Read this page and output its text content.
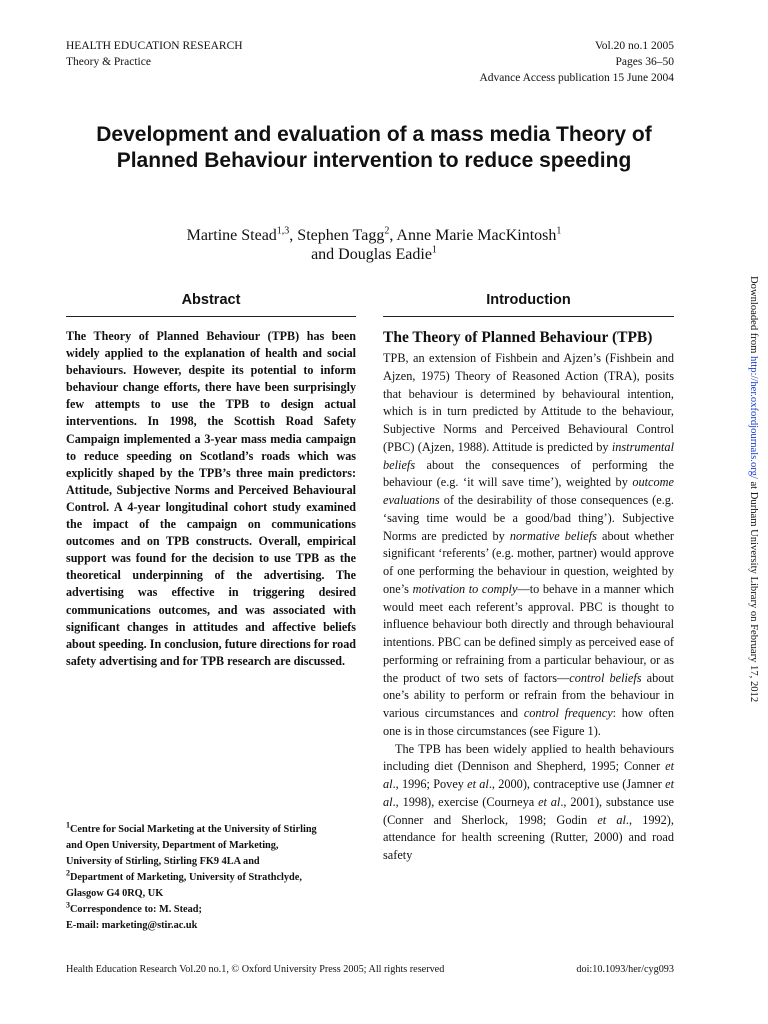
HEALTH EDUCATION RESEARCH
Theory & Practice
Vol.20 no.1 2005
Pages 36–50
Advance Access publication 15 June 2004
Development and evaluation of a mass media Theory of
Planned Behaviour intervention to reduce speeding
Martine Stead$^{1,3}$, Stephen Tagg$^2$, Anne Marie MacKintosh$^1$
and Douglas Eadie$^1$
Abstract	Introduction
The Theory of Planned Behaviour (TPB) has been widely applied to the explanation of health and social behaviours. However, despite its potential to inform behaviour change efforts, there have been surprisingly few attempts to use the TPB to design actual interventions. In 1998, the Scottish Road Safety Campaign implemented a 3-year mass media campaign to reduce speeding on Scotland’s roads which was explicitly shaped by the TPB’s three main predictors: Attitude, Subjective Norms and Perceived Behavioural Control. A 4-year longitudinal cohort study examined the impact of the campaign on communications outcomes and on TPB constructs. Overall, empirical support was found for the decision to use TPB as the theoretical underpinning of the advertising. The advertising was effective in triggering desired communications outcomes, and was associated with significant changes in attitudes and affective beliefs about speeding. In conclusion, future directions for road safety advertising and for TPB research are discussed.

$^1$Centre for Social Marketing at the University of Stirling

and Open University, Department of Marketing,

University of Stirling, Stirling FK9 4LA and

$^2$Department of Marketing, University of Strathclyde,

Glasgow G4 0RQ, UK

$^3$Correspondence to: M. Stead;

E-mail: marketing@stir.ac.uk

The Theory of Planned Behaviour (TPB)

TPB, an extension of Fishbein and Ajzen’s (Fishbein and Ajzen, 1975) Theory of Reasoned Action (TRA), posits that behaviour is determined by behavioural intention, which is in turn predicted by Attitude to the behaviour, Subjective Norms and Perceived Behavioural Control (PBC) (Ajzen, 1988). Attitude is predicted by instrumental beliefs about the consequences of performing the behaviour (e.g. ‘it will save time’), weighted by outcome evaluations of the desirability of those consequences (e.g. ‘saving time would be a good/bad thing’). Subjective Norms are predicted by normative beliefs about whether significant ‘referents’ (e.g. mother, partner) would approve of one performing the behaviour in question, weighted by one’s motivation to comply—to behave in a manner which would meet each referent’s approval. PBC is thought to influence behaviour both directly and through behavioural intentions. PBC can be defined simply as perceived ease of performing or refraining from a particular behaviour, or as the product of two sets of factors—control beliefs about one’s ability to perform or refrain from the behaviour in various circumstances and control frequency: how often one is in those circumstances (see Figure 1).

The TPB has been widely applied to health behaviours including diet (Dennison and Shepherd, 1995; Conner et al., 1996; Povey et al., 2000), contraceptive use (Jamner et al., 1998), exercise (Courneya et al., 2001), substance use (Conner and Sherlock, 1998; Godin et al., 1992), attendance for health screening (Rutter, 2000) and road safety

Downloaded from http://her.oxfordjournals.org/ at Durham University Library on February 17, 2012
Health Education Research Vol.20 no.1, © Oxford University Press 2005; All rights reserved	doi:10.1093/her/cyg093
